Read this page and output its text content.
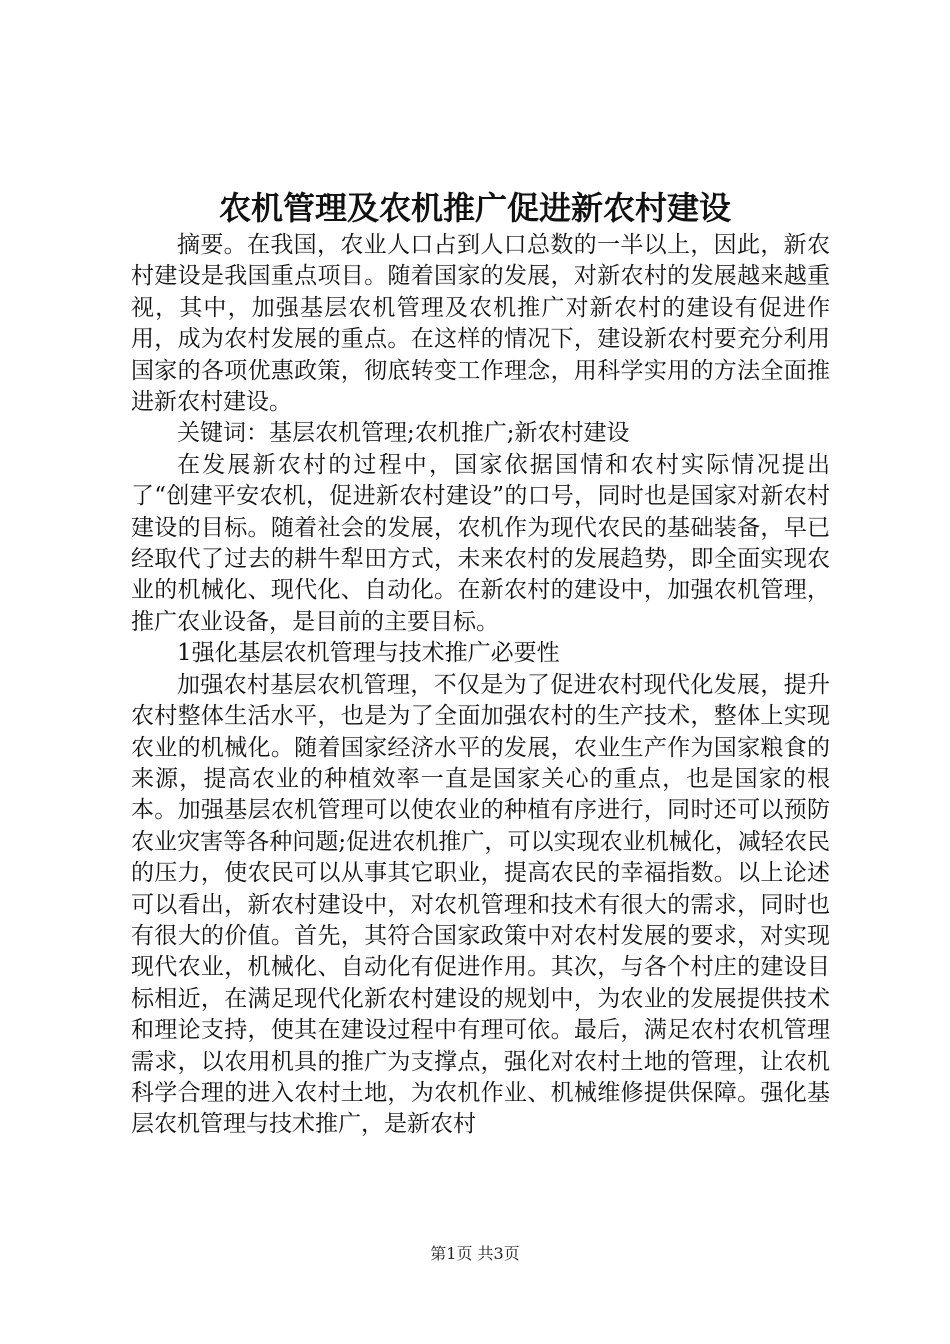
农机管理及农机推广促进新农村建设

摘要。在我国，农业人口占到人口总数的一半以上，因此，新农村建设是我国重点项目。随着国家的发展，对新农村的发展越来越重视，其中，加强基层农机管理及农机推广对新农村的建设有促进作用，成为农村发展的重点。在这样的情况下，建设新农村要充分利用国家的各项优惠政策，彻底转变工作理念，用科学实用的方法全面推进新农村建设。

关键词：基层农机管理;农机推广;新农村建设

在发展新农村的过程中，国家依据国情和农村实际情况提出了“创建平安农机，促进新农村建设”的口号，同时也是国家对新农村建设的目标。随着社会的发展，农机作为现代农民的基础装备，早已经取代了过去的耕牛犁田方式，未来农村的发展趋势，即全面实现农业的机械化、现代化、自动化。在新农村的建设中，加强农机管理，推广农业设备，是目前的主要目标。

1强化基层农机管理与技术推广必要性

加强农村基层农机管理，不仅是为了促进农村现代化发展，提升农村整体生活水平，也是为了全面加强农村的生产技术，整体上实现农业的机械化。随着国家经济水平的发展，农业生产作为国家粮食的来源，提高农业的种植效率一直是国家关心的重点，也是国家的根本。加强基层农机管理可以使农业的种植有序进行，同时还可以预防农业灾害等各种问题;促进农机推广，可以实现农业机械化，减轻农民的压力，使农民可以从事其它职业，提高农民的幸福指数。以上论述可以看出，新农村建设中，对农机管理和技术有很大的需求，同时也有很大的价值。首先，其符合国家政策中对农村发展的要求，对实现现代农业，机械化、自动化有促进作用。其次，与各个村庄的建设目标相近，在满足现代化新农村建设的规划中，为农业的发展提供技术和理论支持，使其在建设过程中有理可依。最后，满足农村农机管理需求，以农用机具的推广为支撑点，强化对农村土地的管理，让农机科学合理的进入农村土地，为农机作业、机械维修提供保障。强化基层农机管理与技术推广，是新农村

第1页 共3页
